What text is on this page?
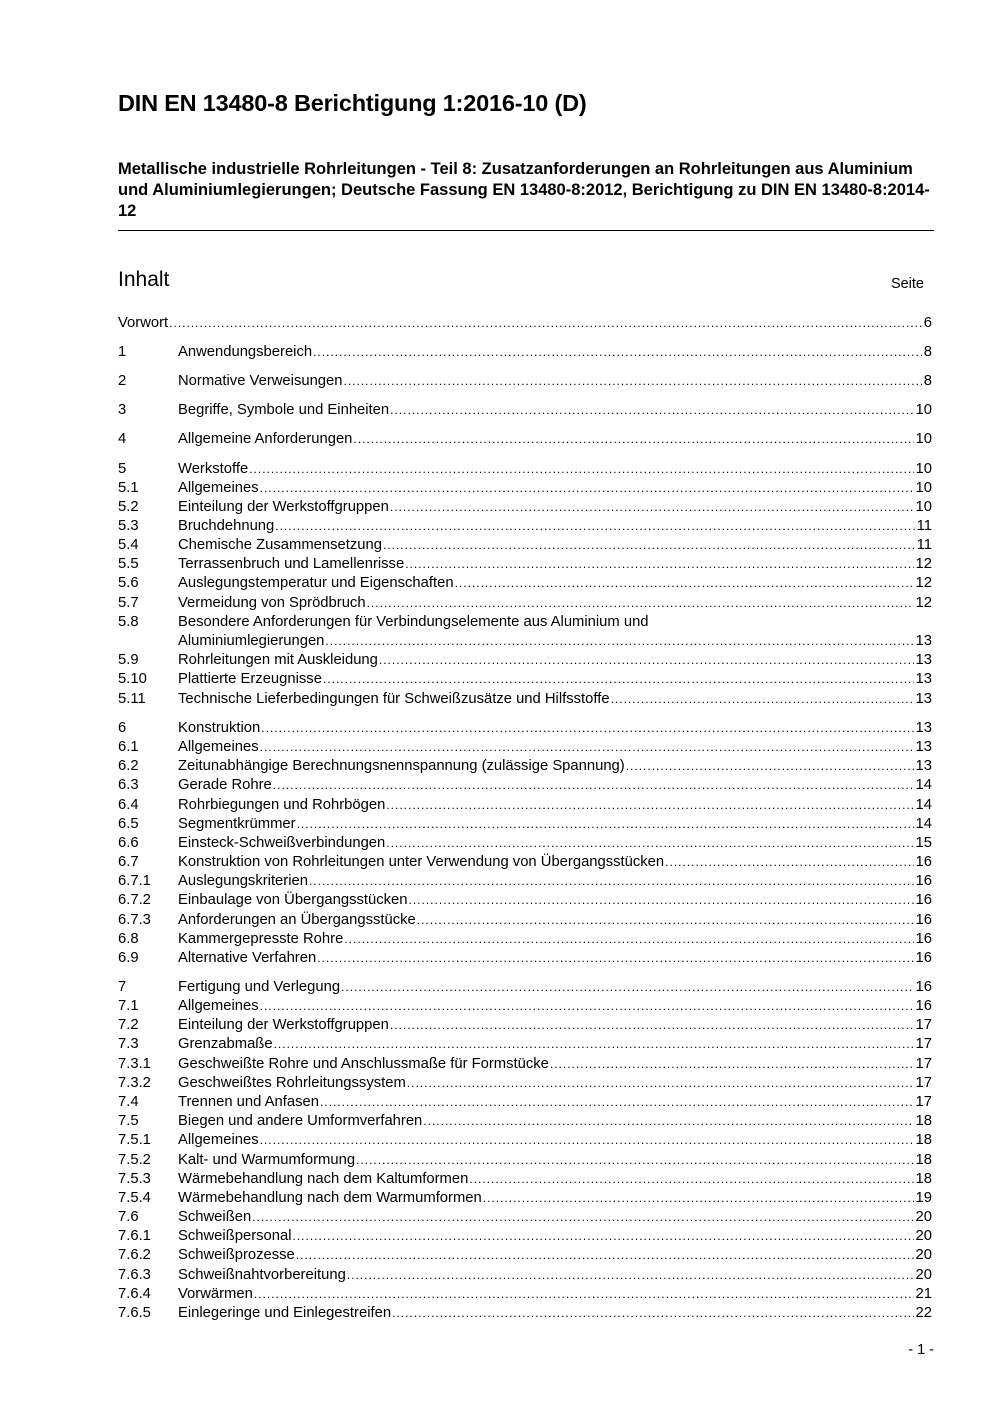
DIN EN 13480-8 Berichtigung 1:2016-10 (D)
Metallische industrielle Rohrleitungen - Teil 8: Zusatzanforderungen an Rohrleitungen aus Aluminium und Aluminiumlegierungen; Deutsche Fassung EN 13480-8:2012, Berichtigung zu DIN EN 13480-8:2014-12
Inhalt	Seite
Vorwort .....	6
1	Anwendungsbereich .....	8
2	Normative Verweisungen .....	8
3	Begriffe, Symbole und Einheiten .....	10
4	Allgemeine Anforderungen .....	10
5	Werkstoffe .....	10
5.1	Allgemeines .....	10
5.2	Einteilung der Werkstoffgruppen .....	10
5.3	Bruchdehnung .....	11
5.4	Chemische Zusammensetzung .....	11
5.5	Terrassenbruch und Lamellenrisse .....	12
5.6	Auslegungstemperatur und Eigenschaften .....	12
5.7	Vermeidung von Sprödbruch .....	12
5.8	Besondere Anforderungen für Verbindungselemente aus Aluminium und
Aluminiumlegierungen .....	13
5.9	Rohrleitungen mit Auskleidung .....	13
5.10 Plattierte Erzeugnisse .....	13
5.11 Technische Lieferbedingungen für Schweißzusätze und Hilfsstoffe .....	13
6	Konstruktion .....	13
6.1	Allgemeines .....	13
6.2	Zeitunabhängige Berechnungsnennspannung (zulässige Spannung) .....	13
6.3	Gerade Rohre .....	14
6.4	Rohrbiegungen und Rohrbögen .....	14
6.5	Segmentkrümmer .....	14
6.6	Einsteck-Schweißverbindungen .....	15
6.7	Konstruktion von Rohrleitungen unter Verwendung von Übergangsstücken .....	16
6.7.1 Auslegungskriterien .....	16
6.7.2 Einbaulage von Übergangsstücken .....	16
6.7.3 Anforderungen an Übergangsstücke .....	16
6.8	Kammergepresste Rohre .....	16
6.9	Alternative Verfahren .....	16
7	Fertigung und Verlegung .....	16
7.1	Allgemeines .....	16
7.2	Einteilung der Werkstoffgruppen .....	17
7.3	Grenzabmaße .....	17
7.3.1 Geschweißte Rohre und Anschlussmaße für Formstücke .....	17
7.3.2 Geschweißtes Rohrleitungssystem .....	17
7.4	Trennen und Anfasen .....	17
7.5	Biegen und andere Umformverfahren .....	18
7.5.1 Allgemeines .....	18
7.5.2 Kalt- und Warmumformung .....	18
7.5.3 Wärmebehandlung nach dem Kaltumformen .....	18
7.5.4 Wärmebehandlung nach dem Warmumformen .....	19
7.6	Schweißen .....	20
7.6.1 Schweißpersonal .....	20
7.6.2 Schweißprozesse .....	20
7.6.3 Schweißnahtvorbereitung .....	20
7.6.4 Vorwärmen .....	21
7.6.5 Einlegeringe und Einlegestreifen .....	22
- 1 -
